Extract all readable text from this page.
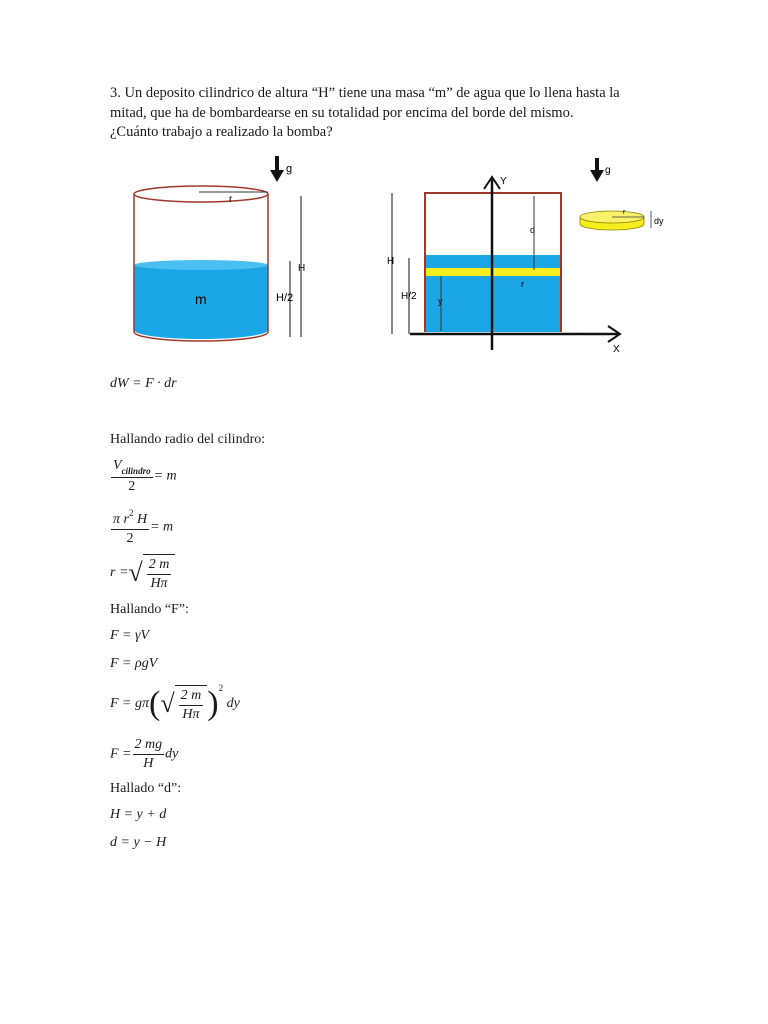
3. Un deposito cilindrico de altura “H” tiene una masa “m” de agua que lo llena hasta la
mitad, que ha de bombardearse en su totalidad por encima del borde del mismo.
¿Cuánto trabajo a realizado la bomba?
g
r
m
H
H/2
Y
X
d
r
y
H
H/2
g
r
dy
dW = F · dr
Hallando radio del cilindro:
$\frac{V_{cilindro}}{2} = m$
$\frac{\pi r^2 H}{2} = m$
r =√ $\frac{2 m}{H\pi}$
Hallando “F”:
F = γV
F = ρgV
$F = g\pi(√ \frac{2 m}{H\pi} )^2$ dy
$F = \frac{2 mg}{H}$ dy
Hallado “d”:
H = y + d
d = y − H
